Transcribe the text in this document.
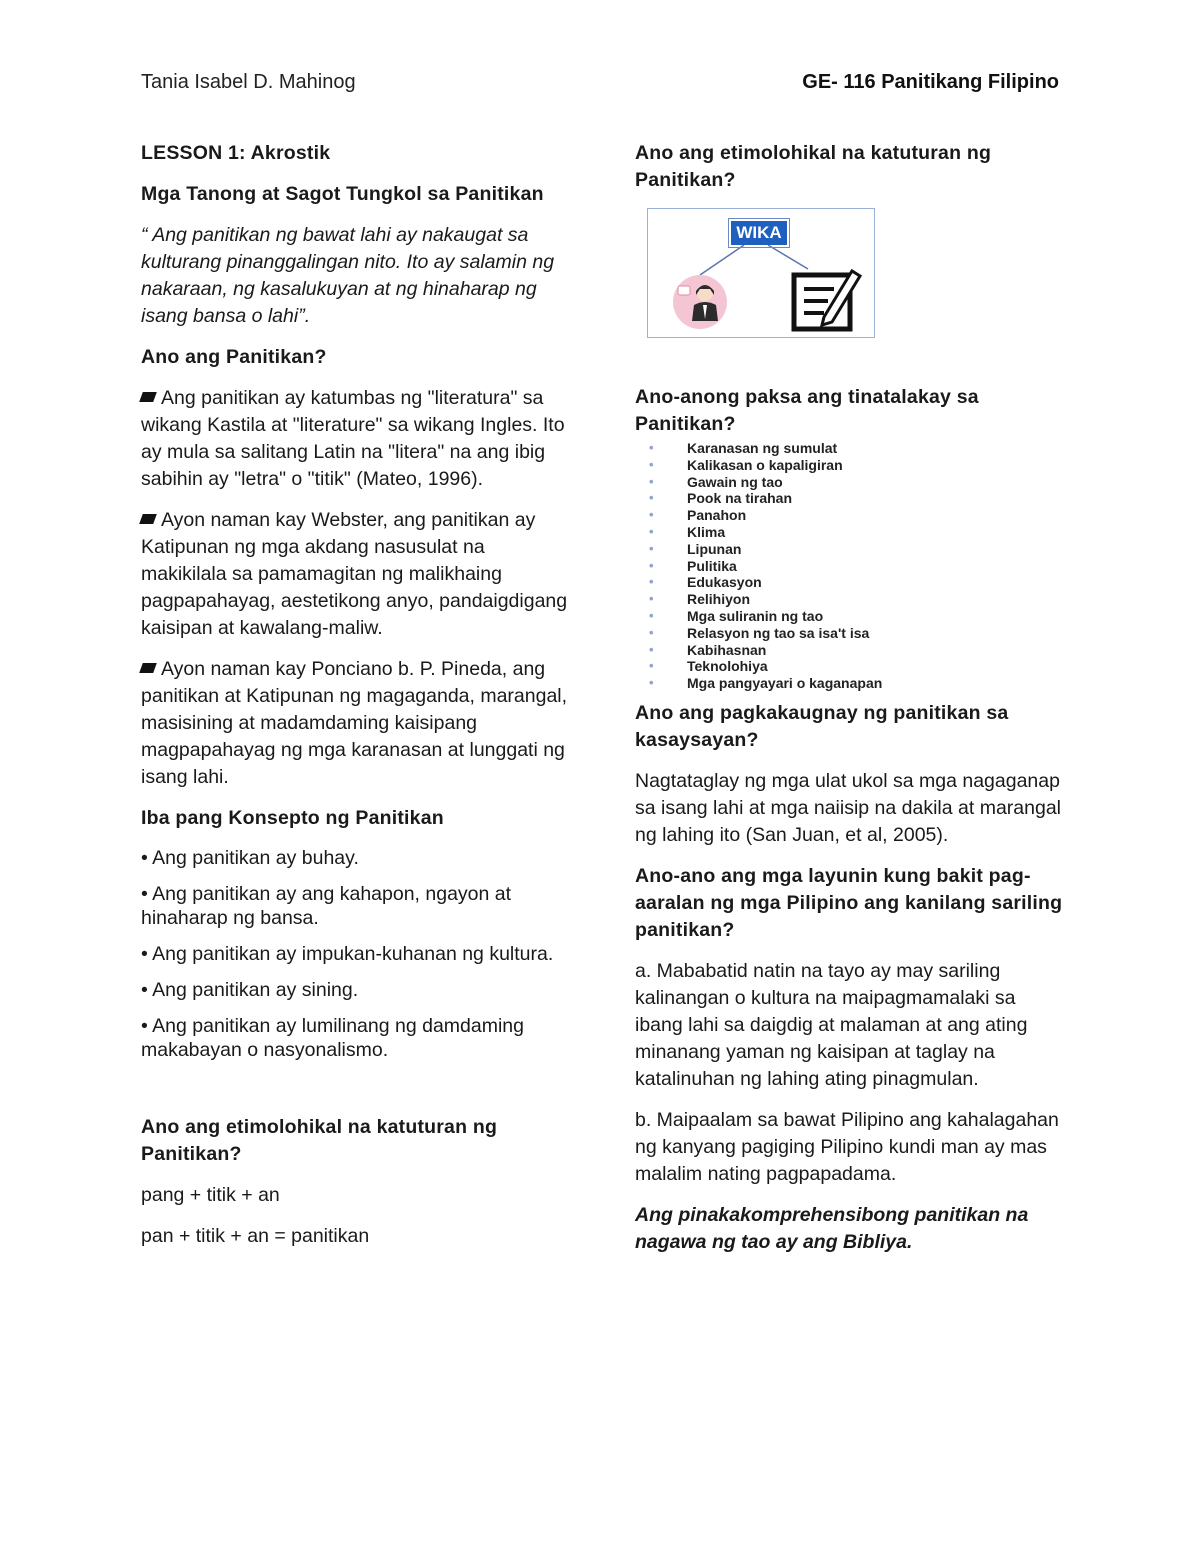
Tania Isabel D. Mahinog	GE- 116 Panitikang Filipino
LESSON 1: Akrostik
Mga Tanong at Sagot Tungkol sa Panitikan

“ Ang panitikan ng bawat lahi ay nakaugat sa kulturang pinanggalingan nito. Ito ay salamin ng nakaraan, ng kasalukuyan at ng hinaharap ng isang bansa o lahi”.

Ano ang Panitikan?

Ang panitikan ay katumbas ng "literatura" sa wikang Kastila at "literature" sa wikang Ingles. Ito ay mula sa salitang Latin na "litera" na ang ibig sabihin ay "letra" o "titik" (Mateo, 1996).

Ayon naman kay Webster, ang panitikan ay Katipunan ng mga akdang nasusulat na makikilala sa pamamagitan ng malikhaing pagpapahayag, aestetikong anyo, pandaigdigang kaisipan at kawalang-maliw.

Ayon naman kay Ponciano b. P. Pineda, ang panitikan at Katipunan ng magaganda, marangal, masisining at madamdaming kaisipang magpapahayag ng mga karanasan at lunggati ng isang lahi.

Iba pang Konsepto ng Panitikan
• Ang panitikan ay buhay.
• Ang panitikan ay ang kahapon, ngayon at hinaharap ng bansa.
• Ang panitikan ay impukan-kuhanan ng kultura.
• Ang panitikan ay sining.
• Ang panitikan ay lumilinang ng damdaming makabayan o nasyonalismo.
Ano ang etimolohikal na katuturan ng Panitikan?

pang + titik + an

pan + titik + an = panitikan

Ano ang etimolohikal na katuturan ng Panitikan?
WIKA
Ano-anong paksa ang tinatalakay sa Panitikan?
• Karanasan ng sumulat
• Kalikasan o kapaligiran
• Gawain ng tao
• Pook na tirahan
• Panahon
• Klima
• Lipunan
• Pulitika
• Edukasyon
• Relihiyon
• Mga suliranin ng tao
• Relasyon ng tao sa isa't isa
• Kabihasnan
• Teknolohiya
• Mga pangyayari o kaganapan
Ano ang pagkakaugnay ng panitikan sa kasaysayan?

Nagtataglay ng mga ulat ukol sa mga nagaganap sa isang lahi at mga naiisip na dakila at marangal ng lahing ito (San Juan, et al, 2005).

Ano-ano ang mga layunin kung bakit pag-aaralan ng mga Pilipino ang kanilang sariling panitikan?

a. Mababatid natin na tayo ay may sariling kalinangan o kultura na maipagmamalaki sa ibang lahi sa daigdig at malaman at ang ating minanang yaman ng kaisipan at taglay na katalinuhan ng lahing ating pinagmulan.

b. Maipaalam sa bawat Pilipino ang kahalagahan ng kanyang pagiging Pilipino kundi man ay mas malalim nating pagpapadama.

Ang pinakakomprehensibong panitikan na nagawa ng tao ay ang Bibliya.
